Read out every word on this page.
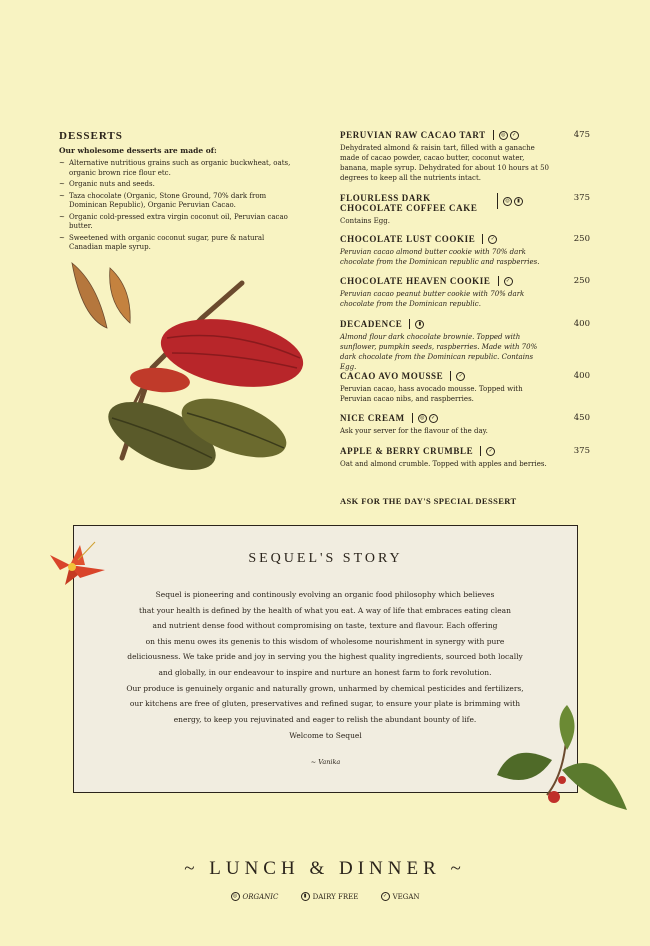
DESSERTS

Our wholesome desserts are made of:

~ Alternative nutritious grains such as organic buckwheat, oats, organic brown rice flour etc.
~ Organic nuts and seeds.
~ Taza chocolate (Organic, Stone Ground, 70% dark from Dominican Republic), Organic Peruvian Cacao.
~ Organic cold-pressed extra virgin coconut oil, Peruvian cacao butter.
~ Sweetened with organic coconut sugar, pure & natural Canadian maple syrup.
PERUVIAN RAW CACAO TART	◎	✓	475
Dehydrated almond & raisin tart, filled with a ganache made of cacao powder, cacao butter, coconut water, banana, maple syrup. Dehydrated for about 10 hours at 50 degrees to keep all the nutrients intact.
FLOURLESS DARK CHOCOLATE COFFEE CAKE
◎	▮	375
Contains Egg.
CHOCOLATE LUST COOKIE	✓	250
Peruvian cacao almond butter cookie with 70% dark chocolate from the Dominican republic and raspberries.
CHOCOLATE HEAVEN COOKIE	✓	250
Peruvian cacao peanut butter cookie with 70% dark chocolate from the Dominican republic.
DECADENCE	▮	400
Almond flour dark chocolate brownie. Topped with sunflower, pumpkin seeds, raspberries. Made with 70% dark chocolate from the Dominican republic. Contains Egg.
CACAO AVO MOUSSE	✓	400
Peruvian cacao, hass avocado mousse. Topped with Peruvian cacao nibs, and raspberries.
NICE CREAM	◎	✓	450
Ask your server for the flavour of the day.
APPLE & BERRY CRUMBLE	✓	375
Oat and almond crumble. Topped with apples and berries.
ASK FOR THE DAY'S SPECIAL DESSERT
SEQUEL'S STORY
Sequel is pioneering and continously evolving an organic food philosophy which believes
that your health is defined by the health of what you eat. A way of life that embraces eating clean
and nutrient dense food without compromising on taste, texture and flavour. Each offering
on this menu owes its genenis to this wisdom of wholesome nourishment in synergy with pure
deliciousness. We take pride and joy in serving you the highest quality ingredients, sourced both locally
and globally, in our endeavour to inspire and nurture an honest farm to fork revolution.
Our produce is genuinely organic and naturally grown, unharmed by chemical pesticides and fertilizers,
our kitchens are free of gluten, preservatives and refined sugar, to ensure your plate is brimming with
energy, to keep you rejuvinated and eager to relish the abundant bounty of life.
Welcome to Sequel
~ Vanika
~ LUNCH & DINNER ~
◎ ORGANIC
	▮ DAIRY FREE
	✓ VEGAN
